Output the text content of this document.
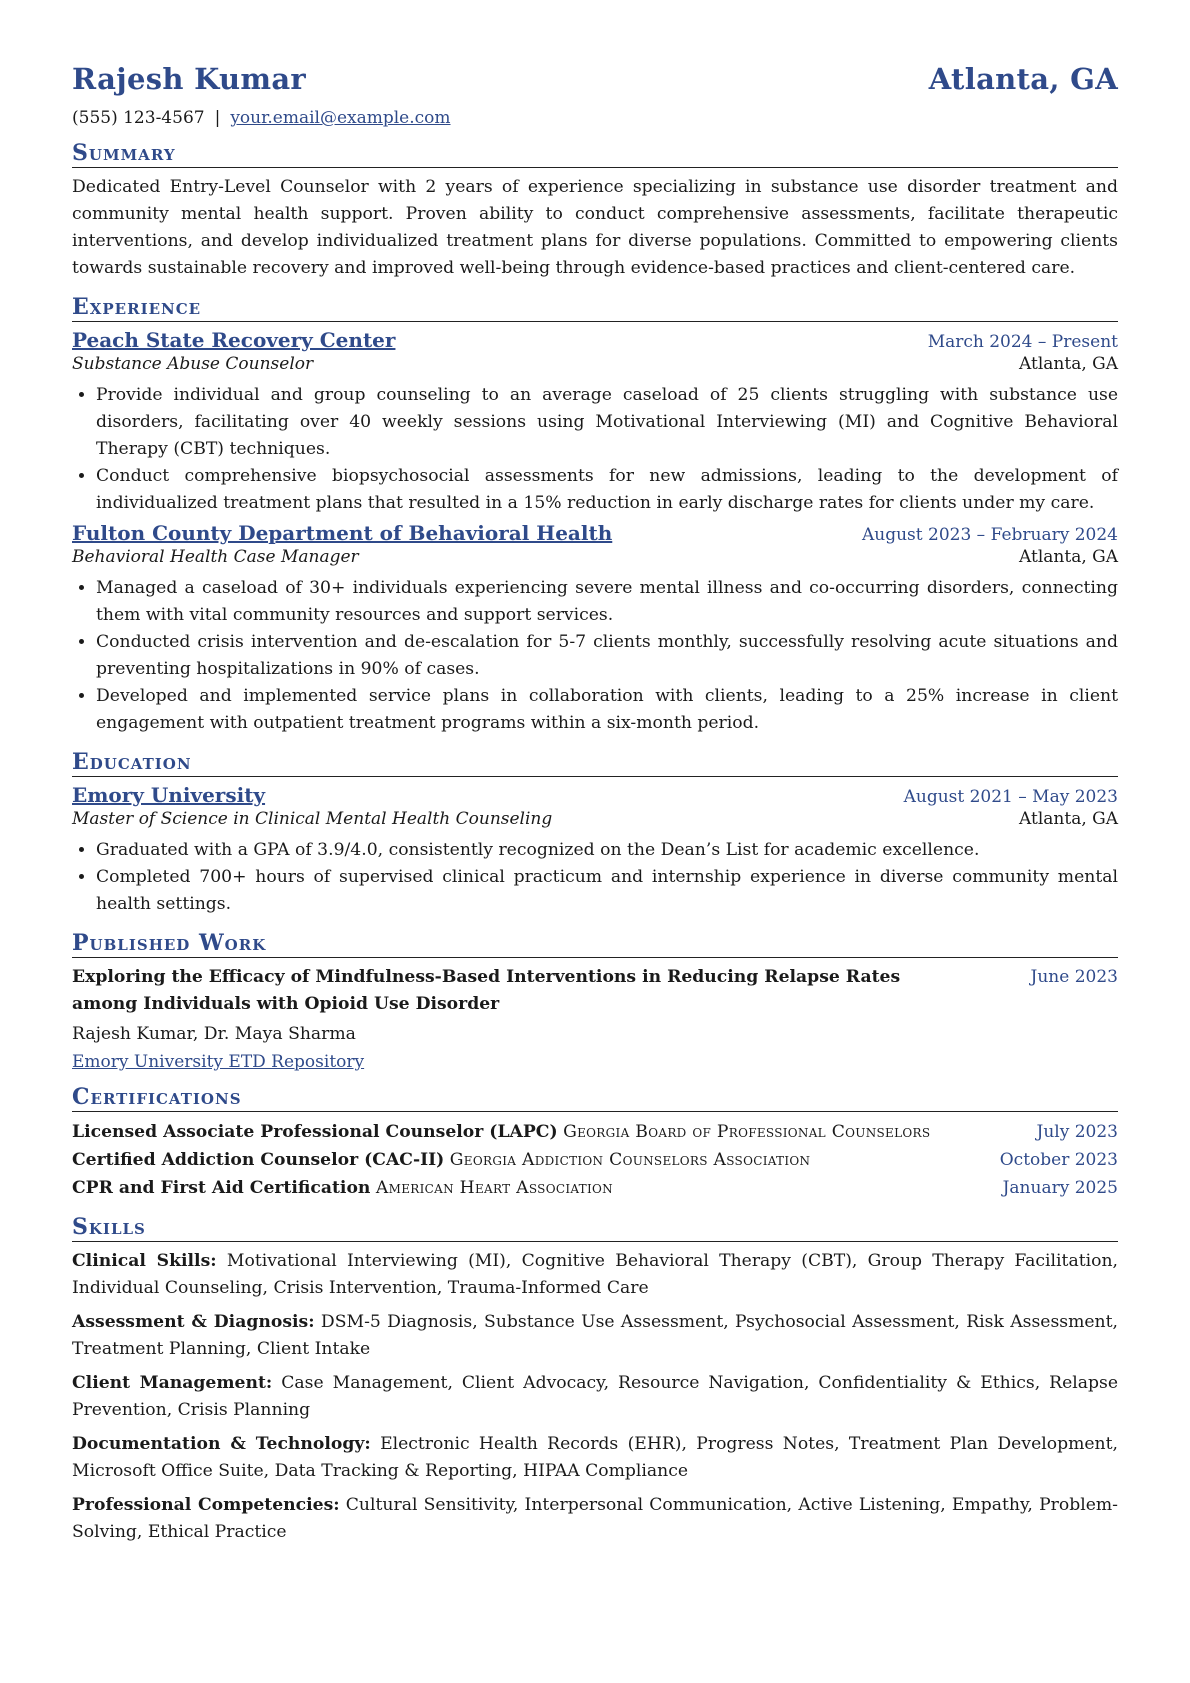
Rajesh Kumar	Atlanta, GA
(555) 123-4567 | your.email@example.com
Summary
Dedicated Entry-Level Counselor with 2 years of experience specializing in substance use disorder treatment and community mental health support. Proven ability to conduct comprehensive assessments, facilitate therapeutic interventions, and develop individualized treatment plans for diverse populations. Committed to empowering clients towards sustainable recovery and improved well-being through evidence-based practices and client-centered care.
Experience
Peach State Recovery Center	March 2024 – Present
Substance Abuse Counselor	Atlanta, GA
• Provide individual and group counseling to an average caseload of 25 clients struggling with substance use disorders, facilitating over 40 weekly sessions using Motivational Interviewing (MI) and Cognitive Behavioral Therapy (CBT) techniques.
• Conduct comprehensive biopsychosocial assessments for new admissions, leading to the development of individualized treatment plans that resulted in a 15% reduction in early discharge rates for clients under my care.
Fulton County Department of Behavioral Health	August 2023 – February 2024
Behavioral Health Case Manager	Atlanta, GA
• Managed a caseload of 30+ individuals experiencing severe mental illness and co-occurring disorders, connecting them with vital community resources and support services.
• Conducted crisis intervention and de-escalation for 5-7 clients monthly, successfully resolving acute situations and preventing hospitalizations in 90% of cases.
• Developed and implemented service plans in collaboration with clients, leading to a 25% increase in client engagement with outpatient treatment programs within a six-month period.
Education
Emory University	August 2021 – May 2023
Master of Science in Clinical Mental Health Counseling	Atlanta, GA
• Graduated with a GPA of 3.9/4.0, consistently recognized on the Dean’s List for academic excellence.
• Completed 700+ hours of supervised clinical practicum and internship experience in diverse community mental health settings.
Published Work
Exploring the Efficacy of Mindfulness-Based Interventions in Reducing Relapse Rates among Individuals with Opioid Use Disorder
June 2023
Rajesh Kumar, Dr. Maya Sharma
Emory University ETD Repository
Certifications
Licensed Associate Professional Counselor (LAPC) Georgia Board of Professional Counselors	July 2023
Certified Addiction Counselor (CAC-II) Georgia Addiction Counselors Association	October 2023
CPR and First Aid Certification American Heart Association	January 2025
Skills
Clinical Skills: Motivational Interviewing (MI), Cognitive Behavioral Therapy (CBT), Group Therapy Facilitation, Individual Counseling, Crisis Intervention, Trauma-Informed Care
Assessment & Diagnosis: DSM-5 Diagnosis, Substance Use Assessment, Psychosocial Assessment, Risk Assessment, Treatment Planning, Client Intake
Client Management: Case Management, Client Advocacy, Resource Navigation, Confidentiality & Ethics, Relapse Prevention, Crisis Planning
Documentation & Technology: Electronic Health Records (EHR), Progress Notes, Treatment Plan Development, Microsoft Office Suite, Data Tracking & Reporting, HIPAA Compliance
Professional Competencies: Cultural Sensitivity, Interpersonal Communication, Active Listening, Empathy, Problem-Solving, Ethical Practice
